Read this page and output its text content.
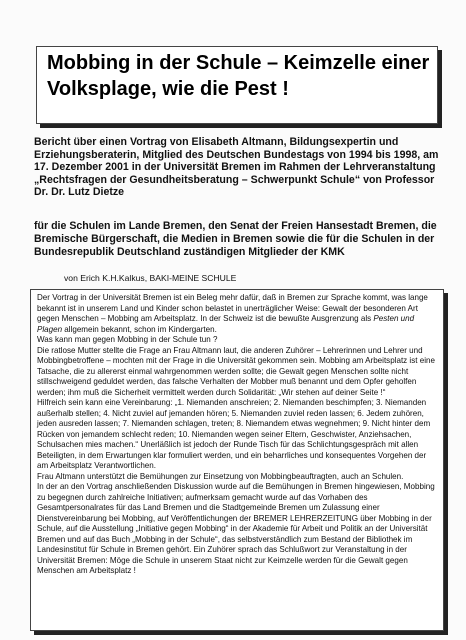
Mobbing in der Schule – Keimzelle einer Volksplage, wie die Pest !

Bericht über einen Vortrag von Elisabeth Altmann, Bildungsexpertin und Erziehungsberaterin, Mitglied des Deutschen Bundestags von 1994 bis 1998, am 17. Dezember 2001 in der Universität Bremen im Rahmen der Lehrveranstaltung „Rechtsfragen der Gesundheitsberatung – Schwerpunkt Schule“ von Professor Dr. Dr. Lutz Dietze

für die Schulen im Lande Bremen, den Senat der Freien Hansestadt Bremen, die Bremische Bürgerschaft, die Medien in Bremen sowie die für die Schulen in der Bundesrepublik Deutschland zuständigen Mitglieder der KMK

von Erich K.H.Kalkus, BAKI-MEINE SCHULE

Der Vortrag in der Universität Bremen ist ein Beleg mehr dafür, daß in Bremen zur Sprache kommt, was lange bekannt ist in unserem Land und Kinder schon belastet in unerträglicher Weise: Gewalt der besonderen Art gegen Menschen – Mobbing am Arbeitsplatz. In der Schweiz ist die bewußte Ausgrenzung als Pesten und Plagen allgemein bekannt, schon im Kindergarten.

Was kann man gegen Mobbing in der Schule tun ?

Die ratlose Mutter stellte die Frage an Frau Altmann laut, die anderen Zuhörer – Lehrerinnen und Lehrer und Mobbingbetroffene – mochten mit der Frage in die Universität gekommen sein. Mobbing am Arbeitsplatz ist eine Tatsache, die zu allererst einmal wahrgenommen werden sollte; die Gewalt gegen Menschen sollte nicht stillschweigend geduldet werden, das falsche Verhalten der Mobber muß benannt und dem Opfer geholfen werden; ihm muß die Sicherheit vermittelt werden durch Solidarität: „Wir stehen auf deiner Seite !“

Hilfreich sein kann eine Vereinbarung: „1. Niemanden anschreien; 2. Niemanden beschimpfen; 3. Niemanden außerhalb stellen; 4. Nicht zuviel auf jemanden hören; 5. Niemanden zuviel reden lassen; 6. Jedem zuhören, jeden ausreden lassen; 7. Niemanden schlagen, treten; 8. Niemandem etwas wegnehmen; 9. Nicht hinter dem Rücken von jemandem schlecht reden; 10. Niemanden wegen seiner Eltern, Geschwister, Anziehsachen, Schulsachen mies machen.“ Unerläßlich ist jedoch der Runde Tisch für das Schlichtungsgespräch mit allen Beteiligten, in dem Erwartungen klar formuliert werden, und ein beharrliches und konsequentes Vorgehen der am Arbeitsplatz Verantwortlichen.

Frau Altmann unterstützt die Bemühungen zur Einsetzung von Mobbingbeauftragten, auch an Schulen.

In der an den Vortrag anschließenden Diskussion wurde auf die Bemühungen in Bremen hingewiesen, Mobbing zu begegnen durch zahlreiche Initiativen; aufmerksam gemacht wurde auf das Vorhaben des Gesamtpersonalrates für das Land Bremen und die Stadtgemeinde Bremen um Zulassung einer Dienstvereinbarung bei Mobbing, auf Veröffentlichungen der BREMER LEHRERZEITUNG über Mobbing in der Schule, auf die Ausstellung „Initiative gegen Mobbing“ in der Akademie für Arbeit und Politik an der Universität Bremen und auf das Buch „Mobbing in der Schule“, das selbstverständlich zum Bestand der Bibliothek im Landesinstitut für Schule in Bremen gehört. Ein Zuhörer sprach das Schlußwort zur Veranstaltung in der Universität Bremen: Möge die Schule in unserem Staat nicht zur Keimzelle werden für die Gewalt gegen Menschen am Arbeitsplatz !
